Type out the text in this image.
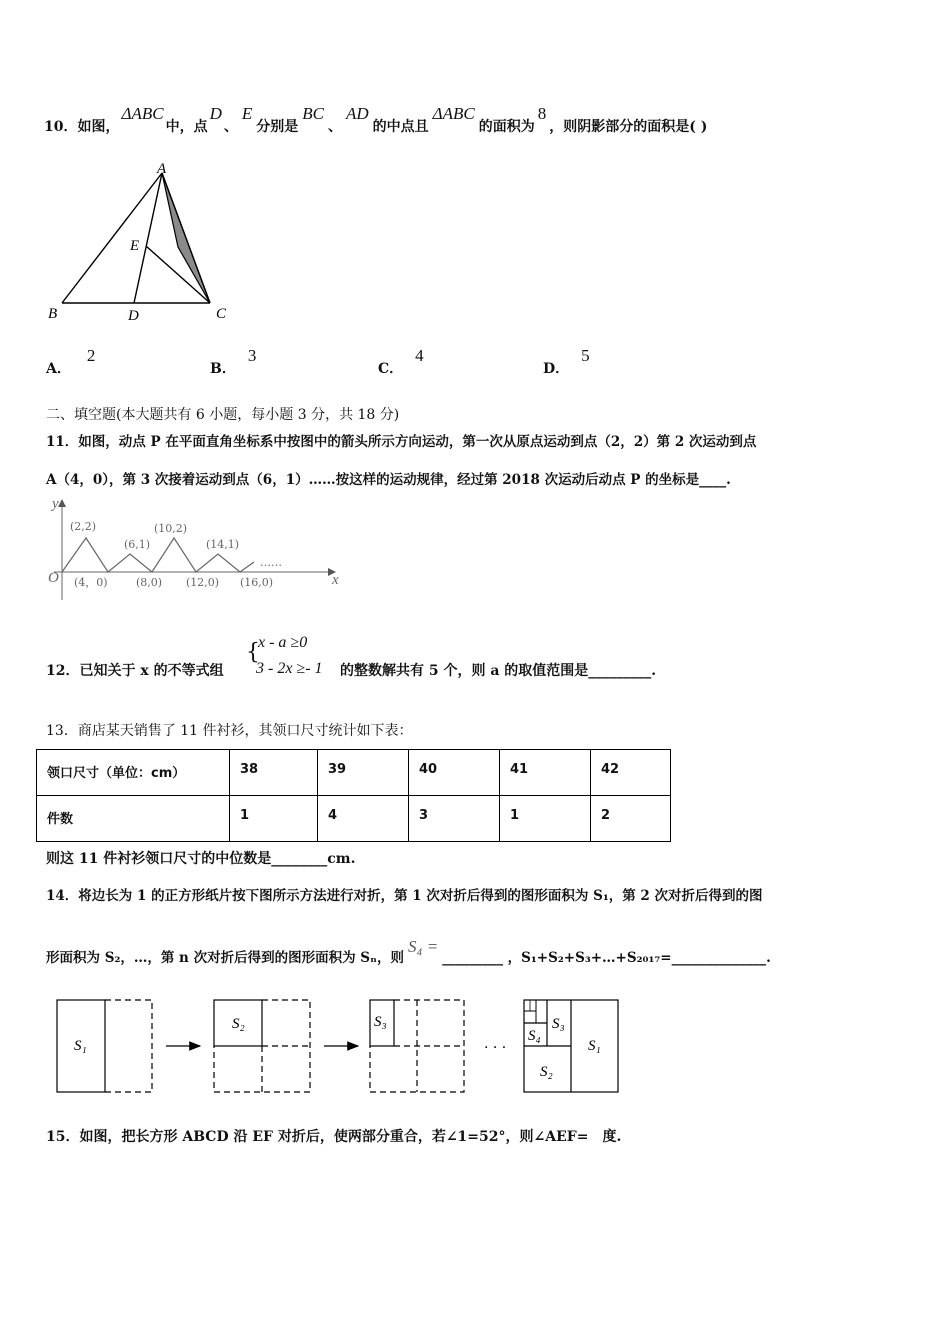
10．如图，ΔABC中，点D、E分别是BC、AD的中点且ΔABC的面积为8，则阴影部分的面积是( )
A
B	C
D
E
A．2
B．3
C．4
D．5
二、填空题(本大题共有 6 小题，每小题 3 分，共 18 分)
11．如图，动点 P 在平面直角坐标系中按图中的箭头所示方向运动，第一次从原点运动到点（2，2）第 2 次运动到点
A（4，0），第 3 次接着运动到点（6，1）……按这样的运动规律，经过第 2018 次运动后动点 P 的坐标是____.
y
x
O
(2,2)
(6,1)
(10,2)
(14,1)
(4，0)	(8,0) (12,0) (16,0)
……
12．已知关于 x 的不等式组
{
x - a ≥0
3 - 2x ≥- 1 的整数解共有 5 个，则 a 的取值范围是_________.
13．商店某天销售了 11 件衬衫，其领口尺寸统计如下表：
领口尺寸（单位：cm）	38	39	40	41	42
件数	1	4	3	1	2
则这 11 件衬衫领口尺寸的中位数是________cm.
14．将边长为 1 的正方形纸片按下图所示方法进行对折，第 1 次对折后得到的图形面积为 S₁，第 2 次对折后得到的图
形面积为 S₂，…，第 n 次对折后得到的图形面积为 Sₙ，则S₄ =_________ ，S₁+S₂+S₃+…+S₂₀₁₇=______________.
S₁
S₂	S₃
· · ·
S₄
S₃
S₂
S₁
15．如图，把长方形 ABCD 沿 EF 对折后，使两部分重合，若∠1=52°，则∠AEF=　度.
